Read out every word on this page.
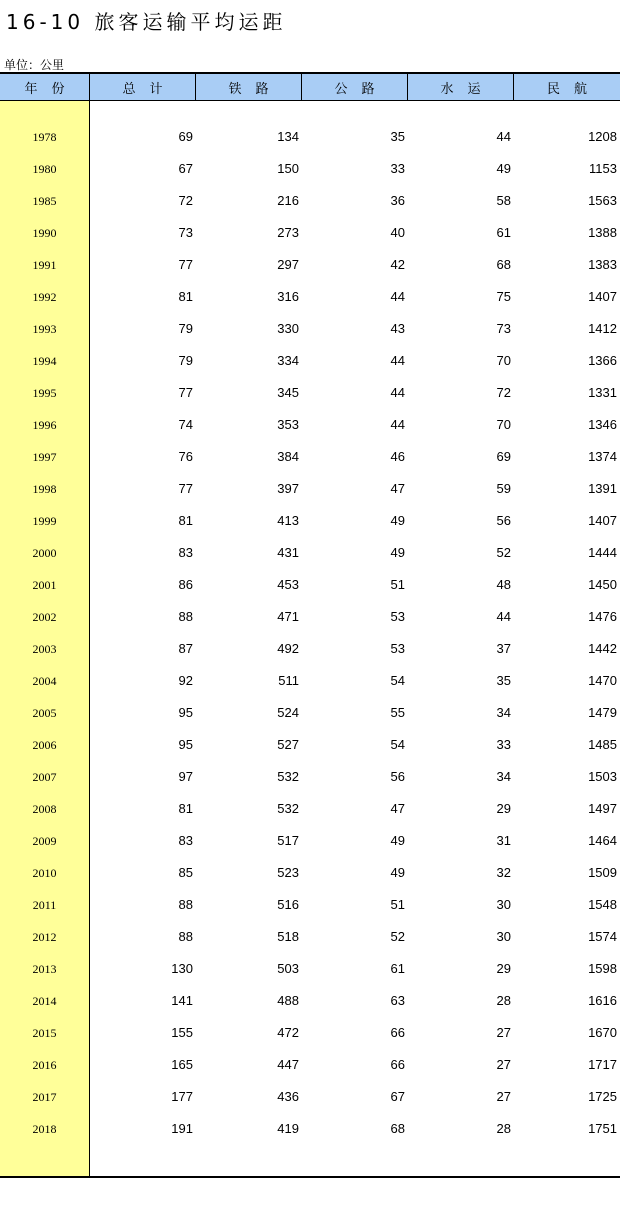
16-10 旅客运输平均运距
单位：公里
年份	总计	铁路	公路	水运	民航
1978	69	134	35	44	1208
1980	67	150	33	49	1153
1985	72	216	36	58	1563
1990	73	273	40	61	1388
1991	77	297	42	68	1383
1992	81	316	44	75	1407
1993	79	330	43	73	1412
1994	79	334	44	70	1366
1995	77	345	44	72	1331
1996	74	353	44	70	1346
1997	76	384	46	69	1374
1998	77	397	47	59	1391
1999	81	413	49	56	1407
2000	83	431	49	52	1444
2001	86	453	51	48	1450
2002	88	471	53	44	1476
2003	87	492	53	37	1442
2004	92	511	54	35	1470
2005	95	524	55	34	1479
2006	95	527	54	33	1485
2007	97	532	56	34	1503
2008	81	532	47	29	1497
2009	83	517	49	31	1464
2010	85	523	49	32	1509
2011	88	516	51	30	1548
2012	88	518	52	30	1574
2013	130	503	61	29	1598
2014	141	488	63	28	1616
2015	155	472	66	27	1670
2016	165	447	66	27	1717
2017	177	436	67	27	1725
2018	191	419	68	28	1751
